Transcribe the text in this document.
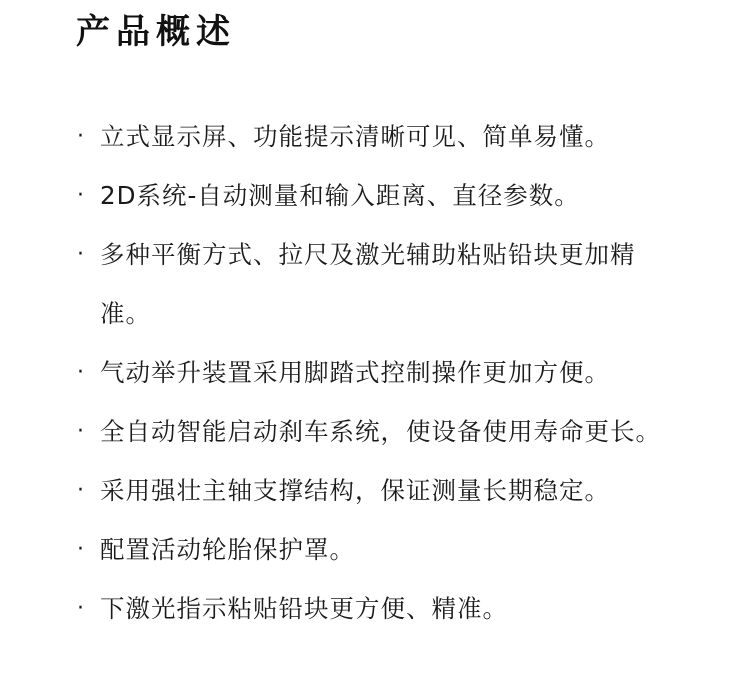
产品概述
· 立式显示屏、功能提示清晰可见、简单易懂。
· 2D系统-自动测量和输入距离、直径参数。
· 多种平衡方式、拉尺及激光辅助粘贴铅块更加精准。
· 气动举升装置采用脚踏式控制操作更加方便。
· 全自动智能启动刹车系统，使设备使用寿命更长。
· 采用强壮主轴支撑结构，保证测量长期稳定。
· 配置活动轮胎保护罩。
· 下激光指示粘贴铅块更方便、精准。
